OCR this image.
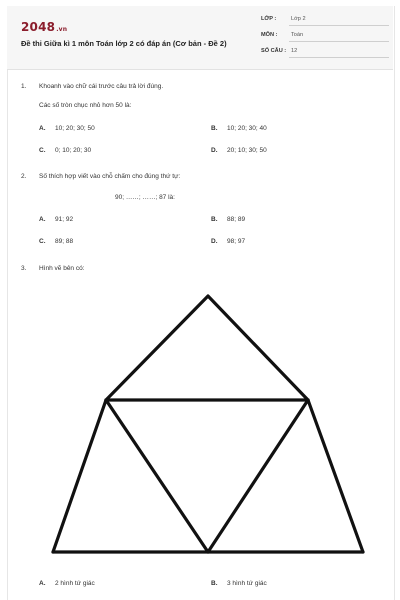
2048.vn
Đề thi Giữa kì 1 môn Toán lớp 2 có đáp án (Cơ bản - Đề 2)
LỚP :	Lớp 2
MÔN : Toán
SỐ CÂU : 12
1. Khoanh vào chữ cái trước câu trả lời đúng.
Các số tròn chục nhỏ hơn 50 là:
A. 10; 20; 30; 50	B. 10; 20; 30; 40
C. 0; 10; 20; 30	D. 20; 10; 30; 50
2. Số thích hợp viết vào chỗ chấm cho đúng thứ tự:
90; ……; ……; 87 là:
A. 91; 92	B. 88; 89
C. 89; 88	D. 98; 97
3. Hình vẽ bên có:
A. 2 hình tứ giác	B. 3 hình tứ giác
